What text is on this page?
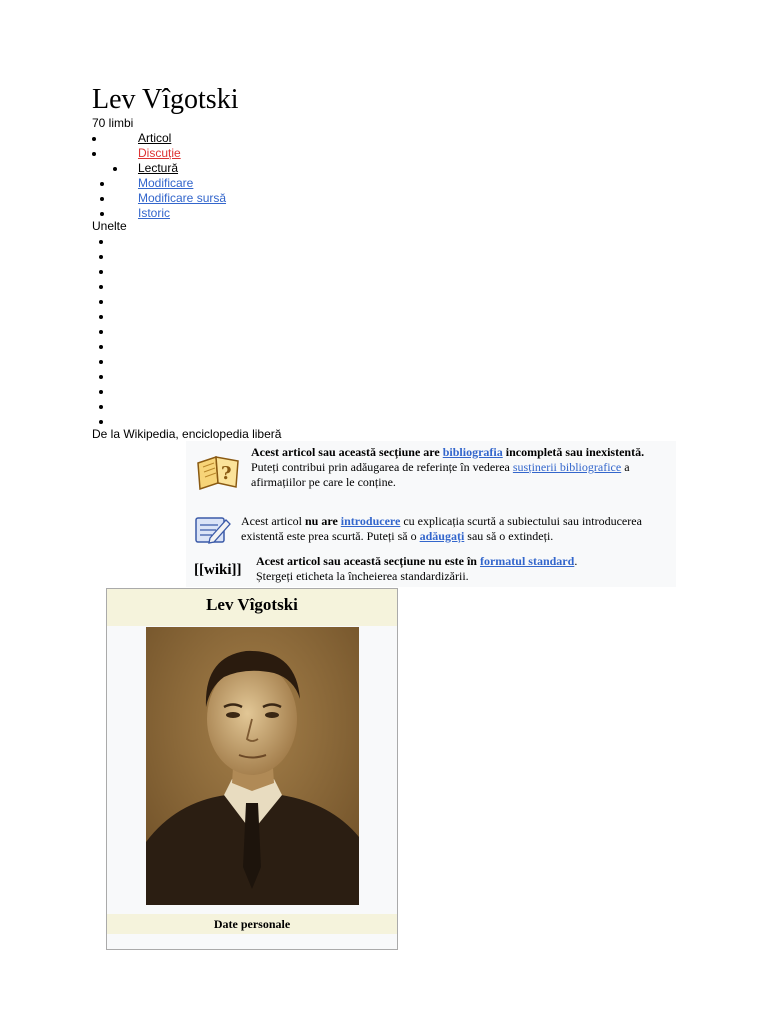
Lev Vîgotski
70 limbi
Articol
Discuție
Lectură
Modificare
Modificare sursă
Istoric
Unelte
De la Wikipedia, enciclopedia liberă
?
Acest articol sau această secțiune are bibliografia incompletă sau inexistentă.
Puteți contribui prin adăugarea de referințe în vederea susținerii bibliografice a afirmațiilor pe care le conține.
Acest articol nu are introducere cu explicația scurtă a subiectului sau introducerea existentă este prea scurtă. Puteți să o adăugați sau să o extindeți.
[[wiki]]
Acest articol sau această secțiune nu este în formatul standard.
Ștergeți eticheta la încheierea standardizării.
Lev Vîgotski
Date personale
